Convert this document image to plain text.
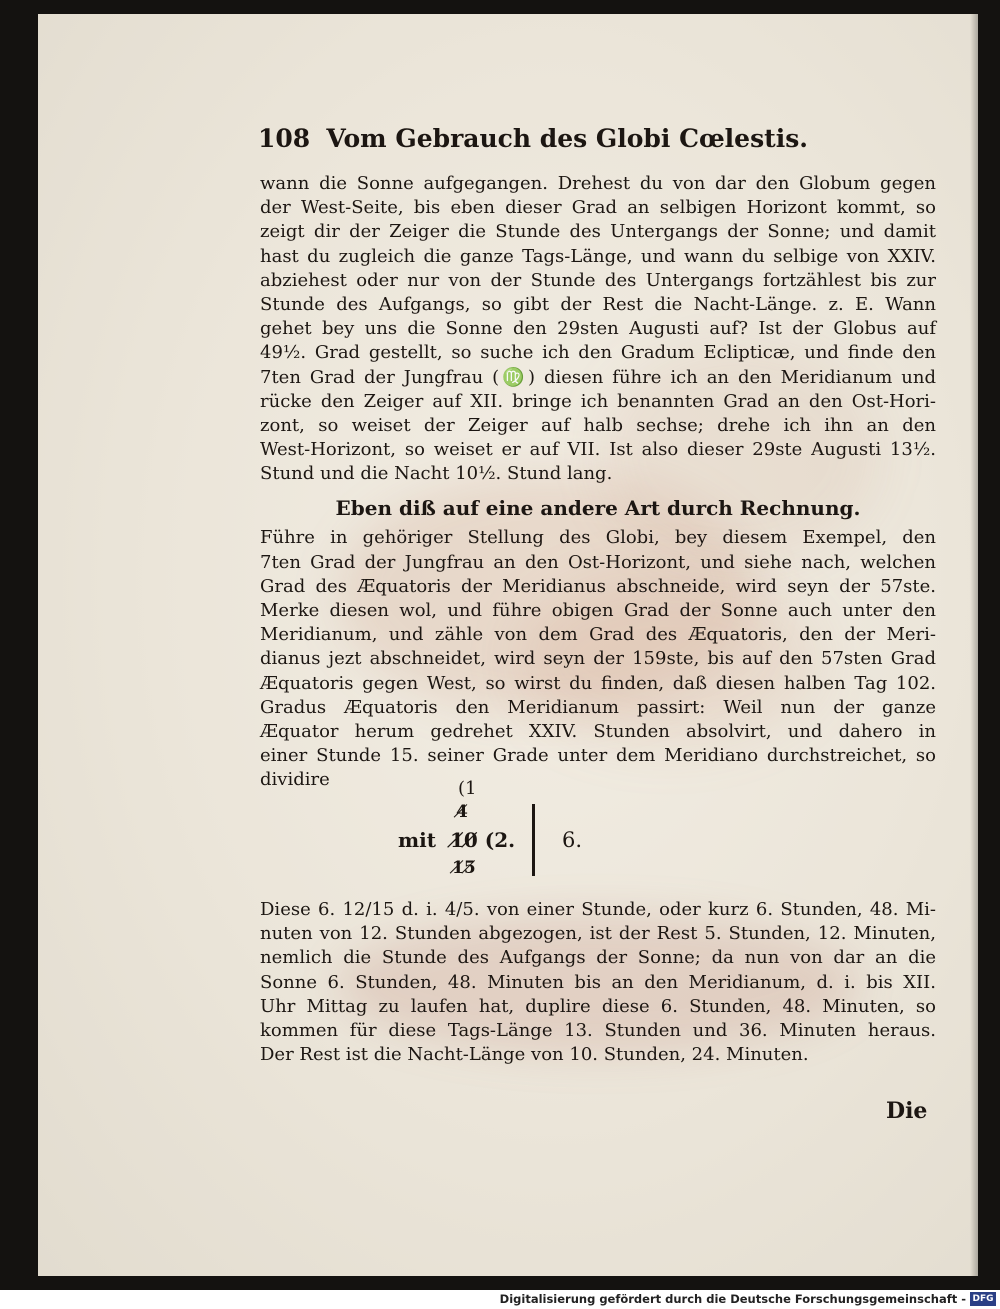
108 Vom Gebrauch des Globi Cœlestis.
wann die Sonne aufgegangen. Drehest du von dar den Globum gegen
der West-Seite, bis eben dieser Grad an selbigen Horizont kommt, so
zeigt dir der Zeiger die Stunde des Untergangs der Sonne; und damit
hast du zugleich die ganze Tags-Länge, und wann du selbige von XXIV.
abziehest oder nur von der Stunde des Untergangs fortzählest bis zur
Stunde des Aufgangs, so gibt der Rest die Nacht-Länge. z. E. Wann
gehet bey uns die Sonne den 29sten Augusti auf? Ist der Globus auf
49½. Grad gestellt, so suche ich den Gradum Eclipticæ, und finde den
7ten Grad der Jungfrau (♍) diesen führe ich an den Meridianum und
rücke den Zeiger auf XII. bringe ich benannten Grad an den Ost-Hori-
zont, so weiset der Zeiger auf halb sechse; drehe ich ihn an den
West-Horizont, so weiset er auf VII. Ist also dieser 29ste Augusti 13½.
Stund und die Nacht 10½. Stund lang.
Eben diß auf eine andere Art durch Rechnung.
Führe in gehöriger Stellung des Globi, bey diesem Exempel, den
7ten Grad der Jungfrau an den Ost-Horizont, und siehe nach, welchen
Grad des Æquatoris der Meridianus abschneide, wird seyn der 57ste.
Merke diesen wol, und führe obigen Grad der Sonne auch unter den
Meridianum, und zähle von dem Grad des Æquatoris, den der Meri-
dianus jezt abschneidet, wird seyn der 159ste, bis auf den 57sten Grad
Æquatoris gegen West, so wirst du finden, daß diesen halben Tag 102.
Gradus Æquatoris den Meridianum passirt: Weil nun der ganze
Æquator herum gedrehet XXIV. Stunden absolvirt, und dahero in
einer Stunde 15. seiner Grade unter dem Meridiano durchstreichet, so
dividire	(1
4̸
mit 1̸0̸ (2.
1̸5̸
6.
Diese 6. 12/15 d. i. 4/5. von einer Stunde, oder kurz 6. Stunden, 48. Mi-
nuten von 12. Stunden abgezogen, ist der Rest 5. Stunden, 12. Minuten,
nemlich die Stunde des Aufgangs der Sonne; da nun von dar an die
Sonne 6. Stunden, 48. Minuten bis an den Meridianum, d. i. bis XII.
Uhr Mittag zu laufen hat, duplire diese 6. Stunden, 48. Minuten, so
kommen für diese Tags-Länge 13. Stunden und 36. Minuten heraus.
Der Rest ist die Nacht-Länge von 10. Stunden, 24. Minuten.
Die
Digitalisierung gefördert durch die Deutsche Forschungsgemeinschaft - DFG
